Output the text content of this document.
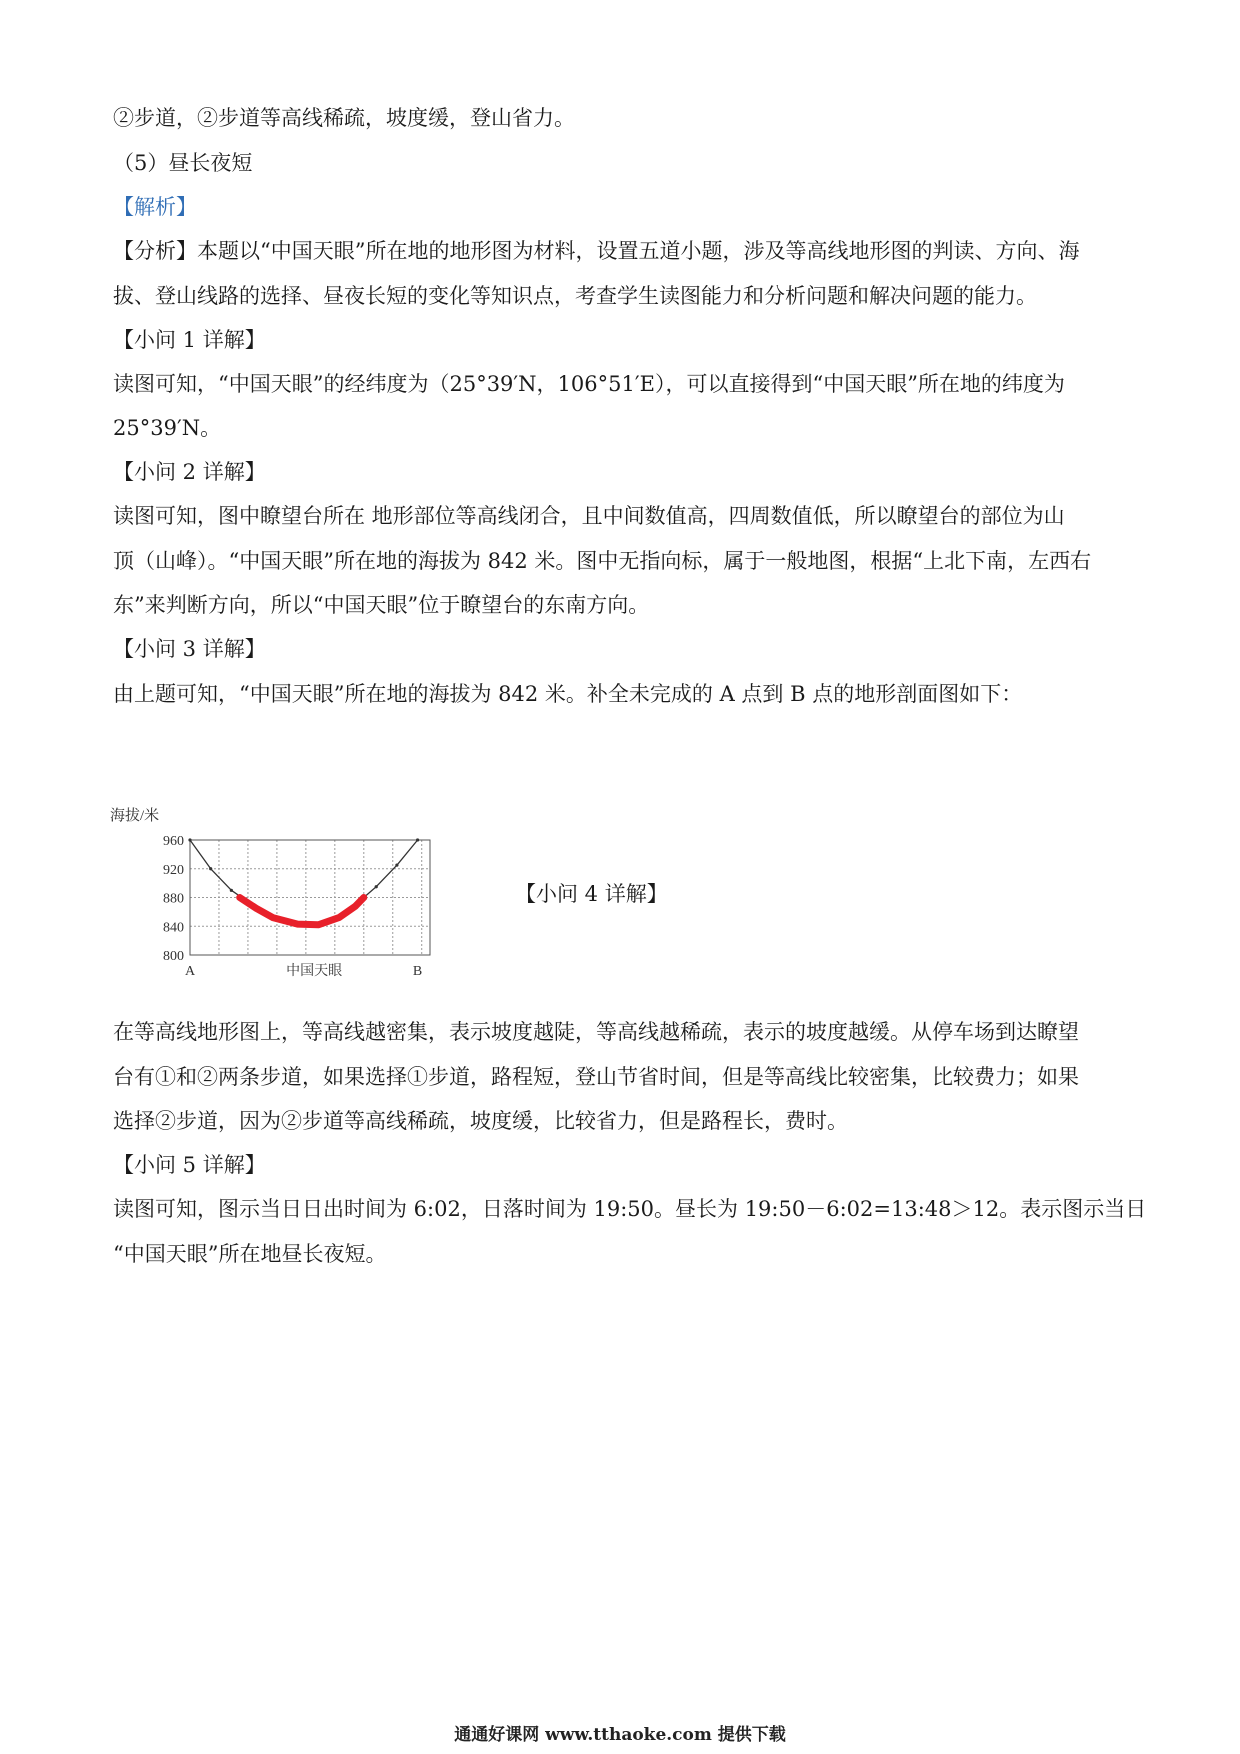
②步道，②步道等高线稀疏，坡度缓，登山省力。
（5）昼长夜短
【解析】
【分析】本题以“中国天眼”所在地的地形图为材料，设置五道小题，涉及等高线地形图的判读、方向、海
拔、登山线路的选择、昼夜长短的变化等知识点，考查学生读图能力和分析问题和解决问题的能力。
【小问 1 详解】
读图可知，“中国天眼”的经纬度为（25°39′N，106°51′E），可以直接得到“中国天眼”所在地的纬度为
25°39′N。
【小问 2 详解】
读图可知，图中瞭望台所在 地形部位等高线闭合，且中间数值高，四周数值低，所以瞭望台的部位为山
顶（山峰）。“中国天眼”所在地的海拔为 842 米。图中无指向标，属于一般地图，根据“上北下南，左西右
东”来判断方向，所以“中国天眼”位于瞭望台的东南方向。
【小问 3 详解】
由上题可知，“中国天眼”所在地的海拔为 842 米。补全未完成的 A 点到 B 点的地形剖面图如下：
960
920
880
840
800
海拔/米
A	中国天眼	B
【小问 4 详解】
在等高线地形图上，等高线越密集，表示坡度越陡，等高线越稀疏，表示的坡度越缓。从停车场到达瞭望
台有①和②两条步道，如果选择①步道，路程短，登山节省时间，但是等高线比较密集，比较费力；如果
选择②步道，因为②步道等高线稀疏，坡度缓，比较省力，但是路程长，费时。
【小问 5 详解】
读图可知，图示当日日出时间为 6:02，日落时间为 19:50。昼长为 19:50－6:02=13:48＞12。表示图示当日
“中国天眼”所在地昼长夜短。
通通好课网 www.tthaoke.com 提供下载
